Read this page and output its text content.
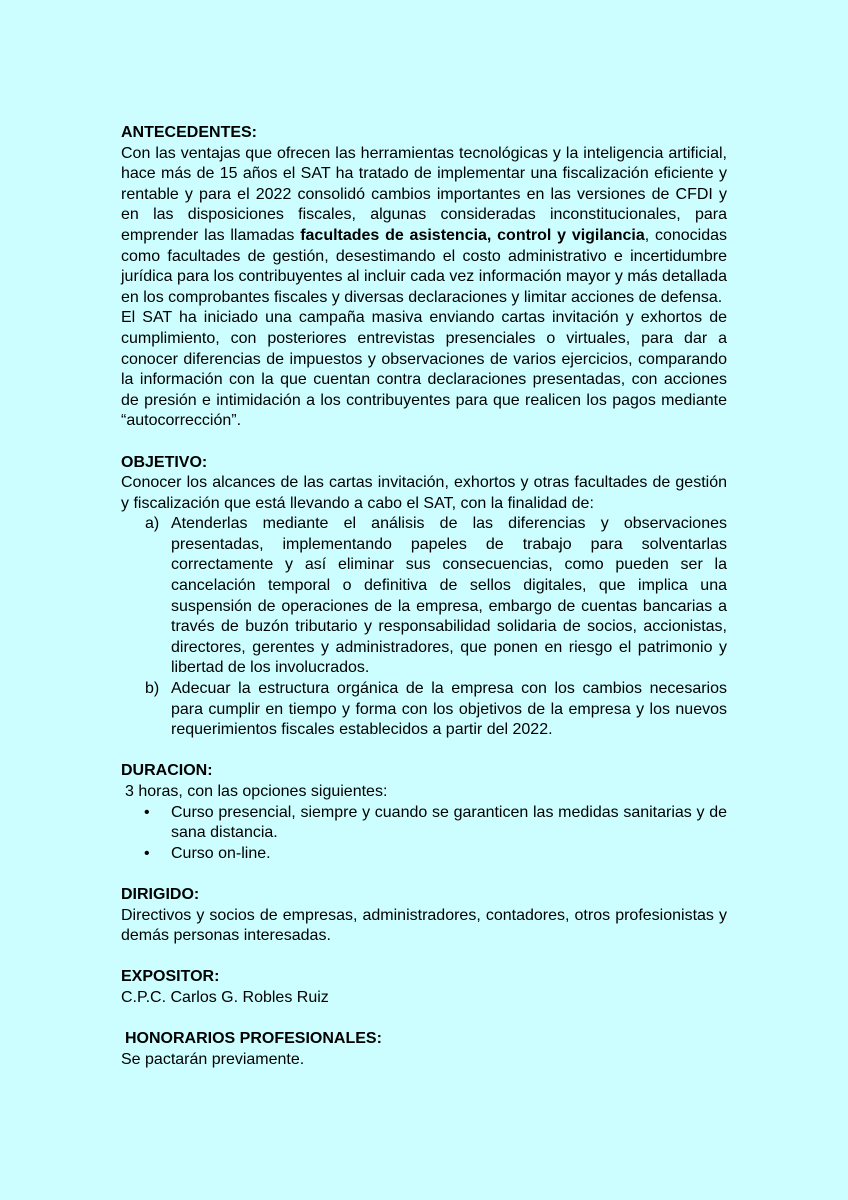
ANTECEDENTES:

Con las ventajas que ofrecen las herramientas tecnológicas y la inteligencia artificial, hace más de 15 años el SAT ha tratado de implementar una fiscalización eficiente y rentable y para el 2022 consolidó cambios importantes en las versiones de CFDI y en las disposiciones fiscales, algunas consideradas inconstitucionales, para emprender las llamadas facultades de asistencia, control y vigilancia, conocidas como facultades de gestión, desestimando el costo administrativo e incertidumbre jurídica para los contribuyentes al incluir cada vez información mayor y más detallada en los comprobantes fiscales y diversas declaraciones y limitar acciones de defensa.

El SAT ha iniciado una campaña masiva enviando cartas invitación y exhortos de cumplimiento, con posteriores entrevistas presenciales o virtuales, para dar a conocer diferencias de impuestos y observaciones de varios ejercicios, comparando la información con la que cuentan contra declaraciones presentadas, con acciones de presión e intimidación a los contribuyentes para que realicen los pagos mediante “autocorrección”.

OBJETIVO:

Conocer los alcances de las cartas invitación, exhortos y otras facultades de gestión y fiscalización que está llevando a cabo el SAT, con la finalidad de:

a) Atenderlas mediante el análisis de las diferencias y observaciones presentadas, implementando papeles de trabajo para solventarlas correctamente y así eliminar sus consecuencias, como pueden ser la cancelación temporal o definitiva de sellos digitales, que implica una suspensión de operaciones de la empresa, embargo de cuentas bancarias a través de buzón tributario y responsabilidad solidaria de socios, accionistas, directores, gerentes y administradores, que ponen en riesgo el patrimonio y libertad de los involucrados.
b) Adecuar la estructura orgánica de la empresa con los cambios necesarios para cumplir en tiempo y forma con los objetivos de la empresa y los nuevos requerimientos fiscales establecidos a partir del 2022.
DURACION:

3 horas, con las opciones siguientes:

• Curso presencial, siempre y cuando se garanticen las medidas sanitarias y de sana distancia.
• Curso on-line.
DIRIGIDO:

Directivos y socios de empresas, administradores, contadores, otros profesionistas y demás personas interesadas.

EXPOSITOR:

C.P.C. Carlos G. Robles Ruiz

HONORARIOS PROFESIONALES:

Se pactarán previamente.
